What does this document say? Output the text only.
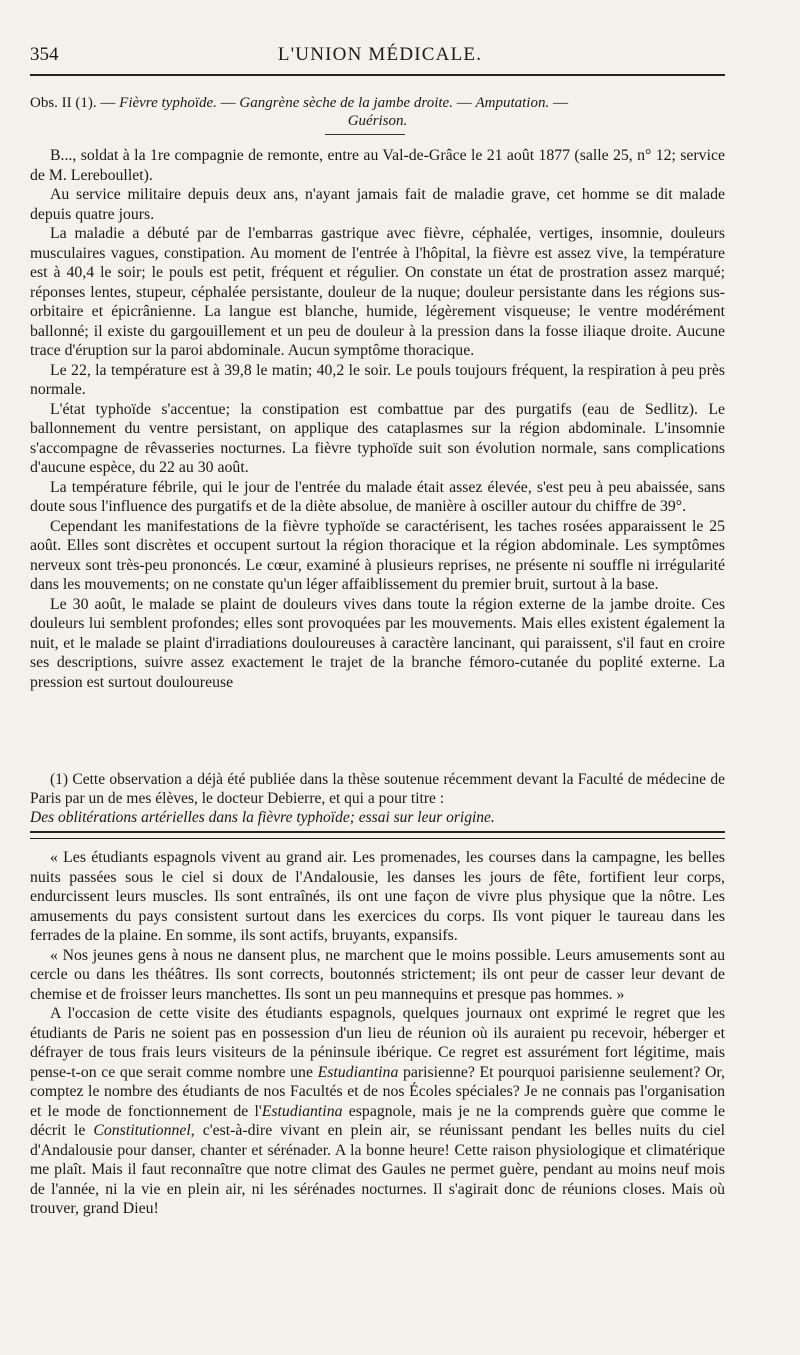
354	L'UNION MÉDICALE.
Obs. II (1). — Fièvre typhoïde. — Gangrène sèche de la jambe droite. — Amputation. —
Guérison.

B..., soldat à la 1re compagnie de remonte, entre au Val-de-Grâce le 21 août 1877 (salle 25, n° 12; service de M. Lereboullet).

Au service militaire depuis deux ans, n'ayant jamais fait de maladie grave, cet homme se dit malade depuis quatre jours.

La maladie a débuté par de l'embarras gastrique avec fièvre, céphalée, vertiges, insomnie, douleurs musculaires vagues, constipation. Au moment de l'entrée à l'hôpital, la fièvre est assez vive, la température est à 40,4 le soir; le pouls est petit, fréquent et régulier. On constate un état de prostration assez marqué; réponses lentes, stupeur, céphalée persistante, douleur de la nuque; douleur persistante dans les régions sus-orbitaire et épicrânienne. La langue est blanche, humide, légèrement visqueuse; le ventre modérément ballonné; il existe du gargouillement et un peu de douleur à la pression dans la fosse iliaque droite. Aucune trace d'éruption sur la paroi abdominale. Aucun symptôme thoracique.

Le 22, la température est à 39,8 le matin; 40,2 le soir. Le pouls toujours fréquent, la respiration à peu près normale.

L'état typhoïde s'accentue; la constipation est combattue par des purgatifs (eau de Sedlitz). Le ballonnement du ventre persistant, on applique des cataplasmes sur la région abdominale. L'insomnie s'accompagne de rêvasseries nocturnes. La fièvre typhoïde suit son évolution normale, sans complications d'aucune espèce, du 22 au 30 août.

La température fébrile, qui le jour de l'entrée du malade était assez élevée, s'est peu à peu abaissée, sans doute sous l'influence des purgatifs et de la diète absolue, de manière à osciller autour du chiffre de 39°.

Cependant les manifestations de la fièvre typhoïde se caractérisent, les taches rosées apparaissent le 25 août. Elles sont discrètes et occupent surtout la région thoracique et la région abdominale. Les symptômes nerveux sont très-peu prononcés. Le cœur, examiné à plusieurs reprises, ne présente ni souffle ni irrégularité dans les mouvements; on ne constate qu'un léger affaiblissement du premier bruit, surtout à la base.

Le 30 août, le malade se plaint de douleurs vives dans toute la région externe de la jambe droite. Ces douleurs lui semblent profondes; elles sont provoquées par les mouvements. Mais elles existent également la nuit, et le malade se plaint d'irradiations douloureuses à caractère lancinant, qui paraissent, s'il faut en croire ses descriptions, suivre assez exactement le trajet de la branche fémoro-cutanée du poplité externe. La pression est surtout douloureuse

(1) Cette observation a déjà été publiée dans la thèse soutenue récemment devant la Faculté de médecine de Paris par un de mes élèves, le docteur Debierre, et qui a pour titre :
Des oblitérations artérielles dans la fièvre typhoïde; essai sur leur origine.

« Les étudiants espagnols vivent au grand air. Les promenades, les courses dans la campagne, les belles nuits passées sous le ciel si doux de l'Andalousie, les danses les jours de fête, fortifient leur corps, endurcissent leurs muscles. Ils sont entraînés, ils ont une façon de vivre plus physique que la nôtre. Les amusements du pays consistent surtout dans les exercices du corps. Ils vont piquer le taureau dans les ferrades de la plaine. En somme, ils sont actifs, bruyants, expansifs.

« Nos jeunes gens à nous ne dansent plus, ne marchent que le moins possible. Leurs amusements sont au cercle ou dans les théâtres. Ils sont corrects, boutonnés strictement; ils ont peur de casser leur devant de chemise et de froisser leurs manchettes. Ils sont un peu mannequins et presque pas hommes. »

A l'occasion de cette visite des étudiants espagnols, quelques journaux ont exprimé le regret que les étudiants de Paris ne soient pas en possession d'un lieu de réunion où ils auraient pu recevoir, héberger et défrayer de tous frais leurs visiteurs de la péninsule ibérique. Ce regret est assurément fort légitime, mais pense-t-on ce que serait comme nombre une Estudiantina parisienne? Et pourquoi parisienne seulement? Or, comptez le nombre des étudiants de nos Facultés et de nos Écoles spéciales? Je ne connais pas l'organisation et le mode de fonctionnement de l'Estudiantina espagnole, mais je ne la comprends guère que comme le décrit le Constitutionnel, c'est-à-dire vivant en plein air, se réunissant pendant les belles nuits du ciel d'Andalousie pour danser, chanter et sérénader. A la bonne heure! Cette raison physiologique et climatérique me plaît. Mais il faut reconnaître que notre climat des Gaules ne permet guère, pendant au moins neuf mois de l'année, ni la vie en plein air, ni les sérénades nocturnes. Il s'agirait donc de réunions closes. Mais où trouver, grand Dieu!
